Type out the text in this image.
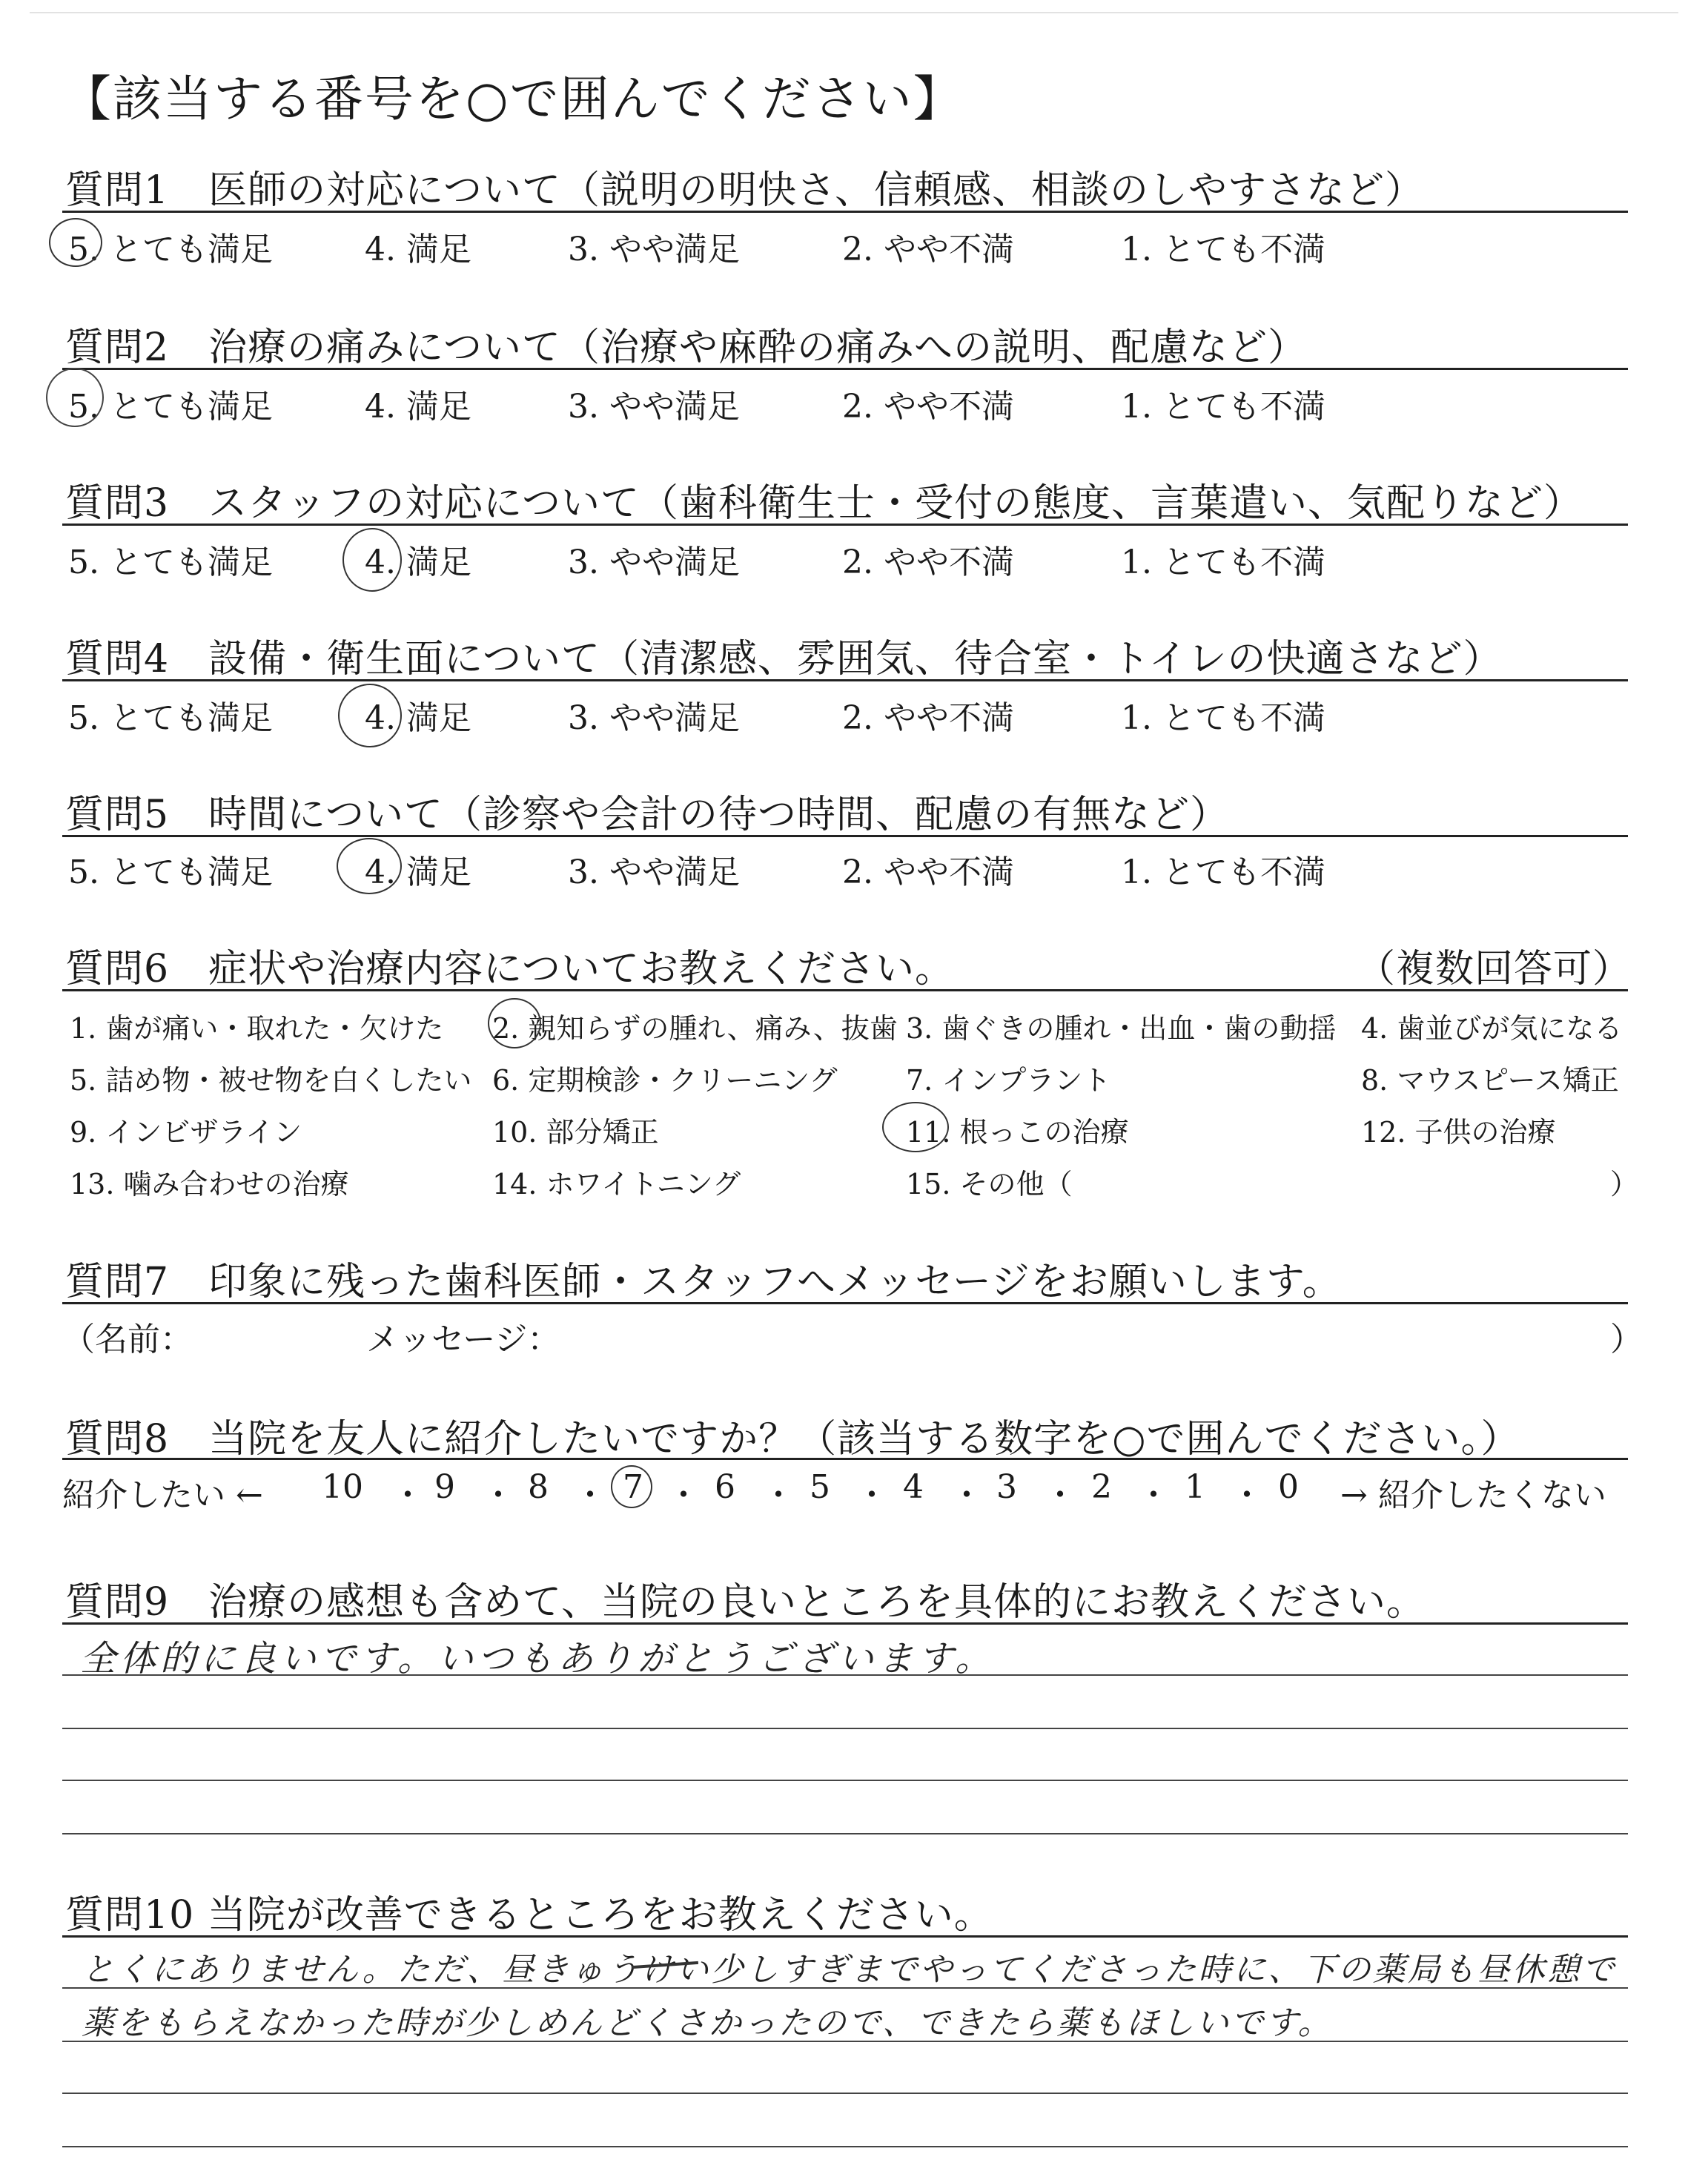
【該当する番号を○で囲んでください】
質問1　医師の対応について（説明の明快さ、信頼感、相談のしやすさなど）
5. とても満足	4. 満足	3. やや満足	2. やや不満	1. とても不満
質問2　治療の痛みについて（治療や麻酔の痛みへの説明、配慮など）
5. とても満足	4. 満足	3. やや満足	2. やや不満	1. とても不満
質問3　スタッフの対応について（歯科衛生士・受付の態度、言葉遣い、気配りなど）
5. とても満足	4. 満足	3. やや満足	2. やや不満	1. とても不満
質問4　設備・衛生面について（清潔感、雰囲気、待合室・トイレの快適さなど）
5. とても満足	4. 満足	3. やや満足	2. やや不満	1. とても不満
質問5　時間について（診察や会計の待つ時間、配慮の有無など）
5. とても満足	4. 満足	3. やや満足	2. やや不満	1. とても不満
質問6　症状や治療内容についてお教えください。	（複数回答可）
1. 歯が痛い・取れた・欠けた 2. 親知らずの腫れ、痛み、抜歯 3. 歯ぐきの腫れ・出血・歯の動揺 4. 歯並びが気になる
5. 詰め物・被せ物を白くしたい 6. 定期検診・クリーニング 7. インプラント	8. マウスピース矯正
9. インビザライン	10. 部分矯正	11. 根っこの治療	12. 子供の治療
13. 噛み合わせの治療	14. ホワイトニング	15. その他（	）
質問7　印象に残った歯科医師・スタッフへメッセージをお願いします。
（名前：	メッセージ：	）
質問8　当院を友人に紹介したいですか？（該当する数字を○で囲んでください。）
紹介したい ← 10 ・ 9 ・ 8 ・ 7 ・ 6 ・ 5 ・ 4 ・ 3 ・ 2 ・ 1 ・ 0 → 紹介したくない
質問9　治療の感想も含めて、当院の良いところを具体的にお教えください。
全体的に良いです。いつもありがとうございます。
質問10 当院が改善できるところをお教えください。
とくにありません。ただ、昼きゅうけい少しすぎまでやってくださった時に、下の薬局も昼休憩で
薬をもらえなかった時が少しめんどくさかったので、できたら薬もほしいです。
